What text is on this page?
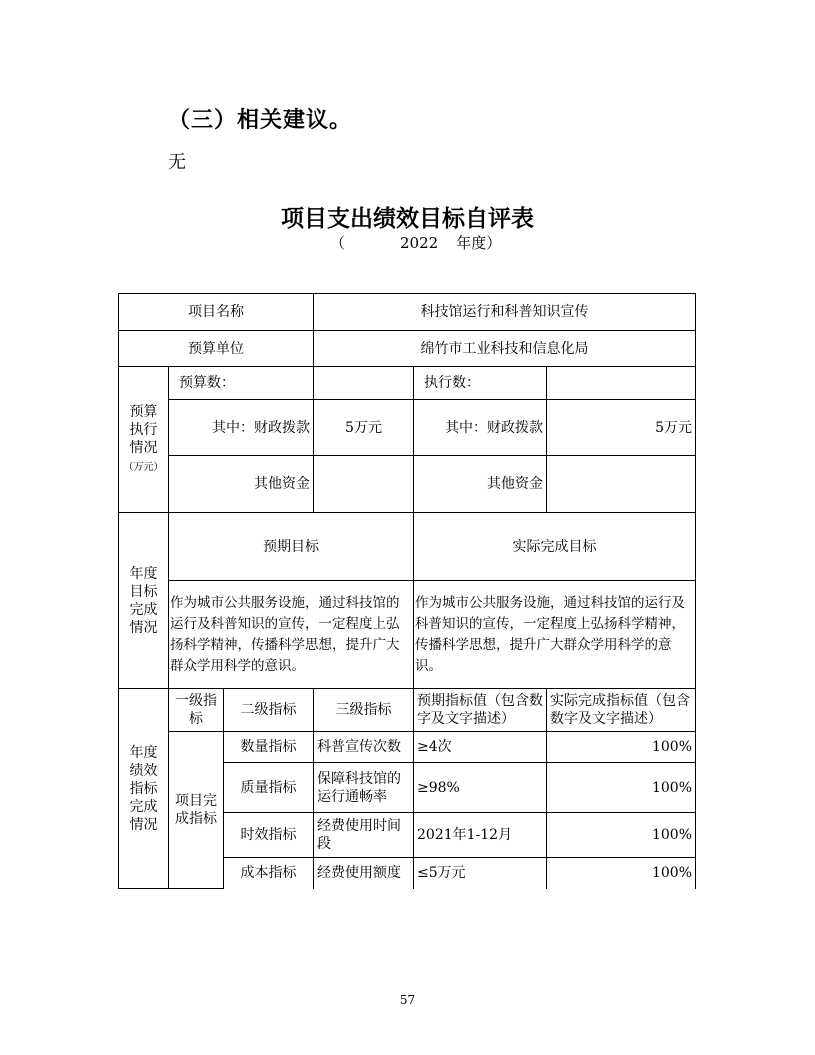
（三）相关建议。
无
项目支出绩效目标自评表
（	2022 年度）
项目名称			科技馆运行和科普知识宣传		
预算单位			绵竹市工业科技和信息化局		
预算
执行
情况
（万元）	预算数：			执行数：	
	其中：财政拨款		5万元	其中：财政拨款	5万元
	其他资金			其他资金	
年度
目标
完成
情况	预期目标			实际完成目标	
	作为城市公共服务设施，通过科技馆的运行及科普知识的宣传，一定程度上弘扬科学精神，传播科学思想，提升广大群众学用科学的意识。			作为城市公共服务设施，通过科技馆的运行及科普知识的宣传，一定程度上弘扬科学精神，传播科学思想，提升广大群众学用科学的意识。	
年度
绩效
指标
完成
情况	一级指标	二级指标	三级指标	预期指标值（包含数字及文字描述）	实际完成指标值（包含数字及文字描述）
	项目完成指标	数量指标	科普宣传次数	≥4次	100%
		质量指标	保障科技馆的运行通畅率	≥98%	100%
		时效指标	经费使用时间段	2021年1-12月	100%
		成本指标	经费使用额度	≤5万元	100%
57
